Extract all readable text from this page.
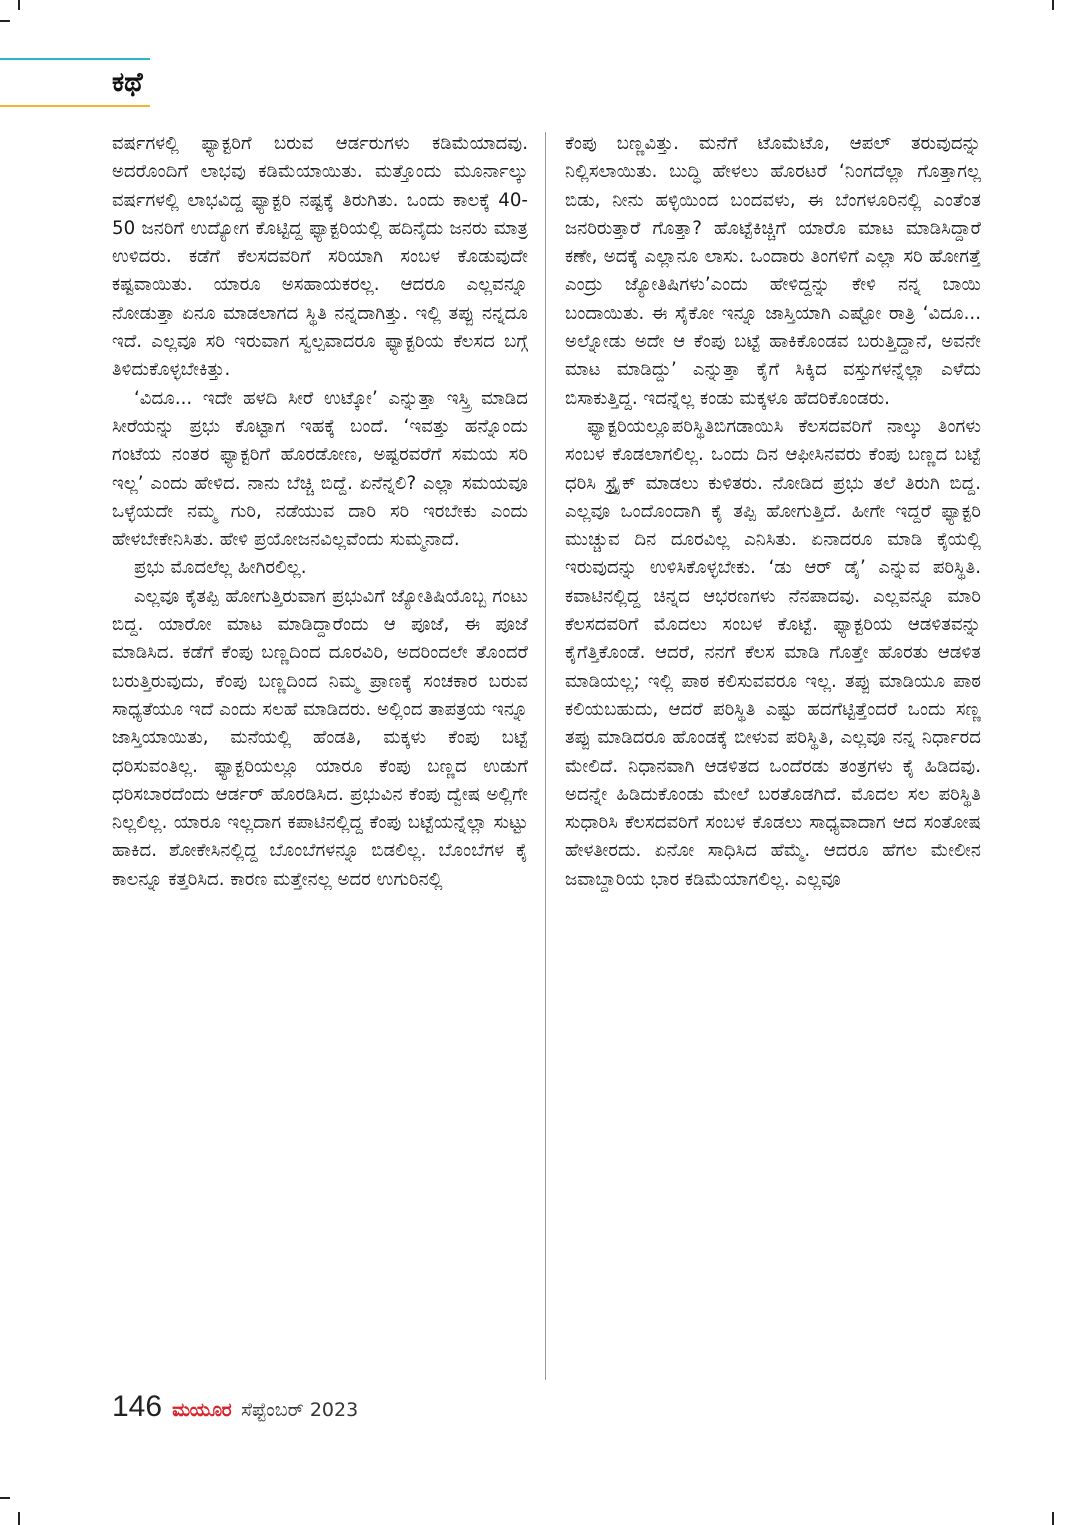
ಕಥೆ

ವರ್ಷಗಳಲ್ಲಿ ಫ್ಯಾಕ್ಟರಿಗೆ ಬರುವ ಆರ್ಡರುಗಳು ಕಡಿಮೆಯಾದವು. ಅದರೊಂದಿಗೆ ಲಾಭವು ಕಡಿಮೆಯಾಯಿತು. ಮತ್ತೊಂದು ಮೂರ್ನಾಲ್ಕು ವರ್ಷಗಳಲ್ಲಿ ಲಾಭವಿದ್ದ ಫ್ಯಾಕ್ಟರಿ ನಷ್ಟಕ್ಕೆ ತಿರುಗಿತು. ಒಂದು ಕಾಲಕ್ಕೆ 40-50 ಜನರಿಗೆ ಉದ್ಯೋಗ ಕೊಟ್ಟಿದ್ದ ಫ್ಯಾಕ್ಟರಿಯಲ್ಲಿ ಹದಿನೈದು ಜನರು ಮಾತ್ರ ಉಳಿದರು. ಕಡೆಗೆ ಕೆಲಸದವರಿಗೆ ಸರಿಯಾಗಿ ಸಂಬಳ ಕೊಡುವುದೇ ಕಷ್ಟವಾಯಿತು. ಯಾರೂ ಅಸಹಾಯಕರಲ್ಲ. ಆದರೂ ಎಲ್ಲವನ್ನೂ ನೋಡುತ್ತಾ ಏನೂ ಮಾಡಲಾಗದ ಸ್ಥಿತಿ ನನ್ನದಾಗಿತ್ತು. ಇಲ್ಲಿ ತಪ್ಪು ನನ್ನದೂ ಇದೆ. ಎಲ್ಲವೂ ಸರಿ ಇರುವಾಗ ಸ್ವಲ್ಪವಾದರೂ ಫ್ಯಾಕ್ಟರಿಯ ಕೆಲಸದ ಬಗ್ಗೆ ತಿಳಿದುಕೊಳ್ಳಬೇಕಿತ್ತು.

‘ವಿದೂ... ಇದೇ ಹಳದಿ ಸೀರೆ ಉಟ್ಕೋ’ ಎನ್ನುತ್ತಾ ಇಸ್ತ್ರಿ ಮಾಡಿದ ಸೀರೆಯನ್ನು ಪ್ರಭು ಕೊಟ್ಟಾಗ ಇಹಕ್ಕೆ ಬಂದೆ. ‘ಇವತ್ತು ಹನ್ನೊಂದು ಗಂಟೆಯ ನಂತರ ಫ್ಯಾಕ್ಟರಿಗೆ ಹೊರಡೋಣ, ಅಷ್ಟರವರೆಗೆ ಸಮಯ ಸರಿ ಇಲ್ಲ’ ಎಂದು ಹೇಳಿದ. ನಾನು ಬೆಚ್ಚಿ ಬಿದ್ದೆ. ಏನೆನ್ನಲಿ? ಎಲ್ಲಾ ಸಮಯವೂ ಒಳ್ಳೆಯದೇ ನಮ್ಮ ಗುರಿ, ನಡೆಯುವ ದಾರಿ ಸರಿ ಇರಬೇಕು ಎಂದು ಹೇಳಬೇಕೇನಿಸಿತು. ಹೇಳಿ ಪ್ರಯೋಜನವಿಲ್ಲವೆಂದು ಸುಮ್ಮನಾದೆ.

ಪ್ರಭು ಮೊದಲೆಲ್ಲ ಹೀಗಿರಲಿಲ್ಲ.

ಎಲ್ಲವೂ ಕೈತಪ್ಪಿ ಹೋಗುತ್ತಿರುವಾಗ ಪ್ರಭುವಿಗೆ ಜ್ಯೋತಿಷಿಯೊಬ್ಬ ಗಂಟು ಬಿದ್ದ. ಯಾರೋ ಮಾಟ ಮಾಡಿದ್ದಾರೆಂದು ಆ ಪೂಜೆ, ಈ ಪೂಜೆ ಮಾಡಿಸಿದ. ಕಡೆಗೆ ಕೆಂಪು ಬಣ್ಣದಿಂದ ದೂರವಿರಿ, ಅದರಿಂದಲೇ ತೊಂದರೆ ಬರುತ್ತಿರುವುದು, ಕೆಂಪು ಬಣ್ಣದಿಂದ ನಿಮ್ಮ ಪ್ರಾಣಕ್ಕೆ ಸಂಚಕಾರ ಬರುವ ಸಾಧ್ಯತೆಯೂ ಇದೆ ಎಂದು ಸಲಹೆ ಮಾಡಿದರು. ಅಲ್ಲಿಂದ ತಾಪತ್ರಯ ಇನ್ನೂ ಜಾಸ್ತಿಯಾಯಿತು, ಮನೆಯಲ್ಲಿ ಹೆಂಡತಿ, ಮಕ್ಕಳು ಕೆಂಪು ಬಟ್ಟೆ ಧರಿಸುವಂತಿಲ್ಲ. ಫ್ಯಾಕ್ಟರಿಯಲ್ಲೂ ಯಾರೂ ಕೆಂಪು ಬಣ್ಣದ ಉಡುಗೆ ಧರಿಸಬಾರದೆಂದು ಆರ್ಡರ್ ಹೊರಡಿಸಿದ. ಪ್ರಭುವಿನ ಕೆಂಪು ದ್ವೇಷ ಅಲ್ಲಿಗೇ ನಿಲ್ಲಲಿಲ್ಲ. ಯಾರೂ ಇಲ್ಲದಾಗ ಕಪಾಟಿನಲ್ಲಿದ್ದ ಕೆಂಪು ಬಟ್ಟೆಯನ್ನೆಲ್ಲಾ ಸುಟ್ಟು ಹಾಕಿದ. ಶೋಕೇಸಿನಲ್ಲಿದ್ದ ಬೊಂಬೆಗಳನ್ನೂ ಬಿಡಲಿಲ್ಲ. ಬೊಂಬೆಗಳ ಕೈ ಕಾಲನ್ನೂ ಕತ್ತರಿಸಿದ. ಕಾರಣ ಮತ್ತೇನಲ್ಲ ಅದರ ಉಗುರಿನಲ್ಲಿ

ಕೆಂಪು ಬಣ್ಣವಿತ್ತು. ಮನೆಗೆ ಟೊಮೆಟೊ, ಆಪಲ್ ತರುವುದನ್ನು ನಿಲ್ಲಿಸಲಾಯಿತು. ಬುದ್ಧಿ ಹೇಳಲು ಹೊರಟರೆ ‘ನಿಂಗದೆಲ್ಲಾ ಗೊತ್ತಾಗಲ್ಲ ಬಿಡು, ನೀನು ಹಳ್ಳಿಯಿಂದ ಬಂದವಳು, ಈ ಬೆಂಗಳೂರಿನಲ್ಲಿ ಎಂತೆಂತ ಜನರಿರುತ್ತಾರೆ ಗೊತ್ತಾ? ಹೊಟ್ಟೆಕಿಚ್ಚಿಗೆ ಯಾರೊ ಮಾಟ ಮಾಡಿಸಿದ್ದಾರೆ ಕಣೇ, ಅದಕ್ಕೆ ಎಲ್ಲಾನೂ ಲಾಸು. ಒಂದಾರು ತಿಂಗಳಿಗೆ ಎಲ್ಲಾ ಸರಿ ಹೋಗತ್ತೆ ಎಂದ್ರು ಜ್ಯೋತಿಷಿಗಳು’ಎಂದು ಹೇಳಿದ್ದನ್ನು ಕೇಳಿ ನನ್ನ ಬಾಯಿ ಬಂದಾಯಿತು. ಈ ಸೈಕೋ ಇನ್ನೂ ಜಾಸ್ತಿಯಾಗಿ ಎಷ್ಟೋ ರಾತ್ರಿ ‘ವಿದೂ... ಅಲ್ನೋಡು ಅದೇ ಆ ಕೆಂಪು ಬಟ್ಟೆ ಹಾಕಿಕೊಂಡವ ಬರುತ್ತಿದ್ದಾನೆ, ಅವನೇ ಮಾಟ ಮಾಡಿದ್ದು’ ಎನ್ನುತ್ತಾ ಕೈಗೆ ಸಿಕ್ಕಿದ ವಸ್ತುಗಳನ್ನೆಲ್ಲಾ ಎಳೆದು ಬಿಸಾಕುತ್ತಿದ್ದ. ಇದನ್ನೆಲ್ಲ ಕಂಡು ಮಕ್ಕಳೂ ಹೆದರಿಕೊಂಡರು.

ಫ್ಯಾಕ್ಟರಿಯಲ್ಲೂಪರಿಸ್ಥಿತಿಬಿಗಡಾಯಿಸಿ ಕೆಲಸದವರಿಗೆ ನಾಲ್ಕು ತಿಂಗಳು ಸಂಬಳ ಕೊಡಲಾಗಲಿಲ್ಲ. ಒಂದು ದಿನ ಆಫೀಸಿನವರು ಕೆಂಪು ಬಣ್ಣದ ಬಟ್ಟೆ ಧರಿಸಿ ಸ್ಟ್ರೈಕ್ ಮಾಡಲು ಕುಳಿತರು. ನೋಡಿದ ಪ್ರಭು ತಲೆ ತಿರುಗಿ ಬಿದ್ದ. ಎಲ್ಲವೂ ಒಂದೊಂದಾಗಿ ಕೈ ತಪ್ಪಿ ಹೋಗುತ್ತಿದೆ. ಹೀಗೇ ಇದ್ದರೆ ಫ್ಯಾಕ್ಟರಿ ಮುಚ್ಚುವ ದಿನ ದೂರವಿಲ್ಲ ಎನಿಸಿತು. ಏನಾದರೂ ಮಾಡಿ ಕೈಯಲ್ಲಿ ಇರುವುದನ್ನು ಉಳಿಸಿಕೊಳ್ಳಬೇಕು. ‘ಡು ಆರ್ ಡೈ’ ಎನ್ನುವ ಪರಿಸ್ಥಿತಿ. ಕವಾಟಿನಲ್ಲಿದ್ದ ಚಿನ್ನದ ಆಭರಣಗಳು ನೆನಪಾದವು. ಎಲ್ಲವನ್ನೂ ಮಾರಿ ಕೆಲಸದವರಿಗೆ ಮೊದಲು ಸಂಬಳ ಕೊಟ್ಟೆ. ಫ್ಯಾಕ್ಟರಿಯ ಆಡಳಿತವನ್ನು ಕೈಗೆತ್ತಿಕೊಂಡೆ. ಆದರೆ, ನನಗೆ ಕೆಲಸ ಮಾಡಿ ಗೊತ್ತೇ ಹೊರತು ಆಡಳಿತ ಮಾಡಿಯಲ್ಲ; ಇಲ್ಲಿ ಪಾಠ ಕಲಿಸುವವರೂ ಇಲ್ಲ. ತಪ್ಪು ಮಾಡಿಯೂ ಪಾಠ ಕಲಿಯಬಹುದು, ಆದರೆ ಪರಿಸ್ಥಿತಿ ಎಷ್ಟು ಹದಗೆಟ್ಟಿತ್ತೆಂದರೆ ಒಂದು ಸಣ್ಣ ತಪ್ಪು ಮಾಡಿದರೂ ಹೊಂಡಕ್ಕೆ ಬೀಳುವ ಪರಿಸ್ಥಿತಿ, ಎಲ್ಲವೂ ನನ್ನ ನಿರ್ಧಾರದ ಮೇಲಿದೆ. ನಿಧಾನವಾಗಿ ಆಡಳಿತದ ಒಂದೆರಡು ತಂತ್ರಗಳು ಕೈ ಹಿಡಿದವು. ಅದನ್ನೇ ಹಿಡಿದುಕೊಂಡು ಮೇಲೆ ಬರತೊಡಗಿದೆ. ಮೊದಲ ಸಲ ಪರಿಸ್ಥಿತಿ ಸುಧಾರಿಸಿ ಕೆಲಸದವರಿಗೆ ಸಂಬಳ ಕೊಡಲು ಸಾಧ್ಯವಾದಾಗ ಆದ ಸಂತೋಷ ಹೇಳತೀರದು. ಏನೋ ಸಾಧಿಸಿದ ಹೆಮ್ಮೆ. ಆದರೂ ಹೆಗಲ ಮೇಲೀನ ಜವಾಬ್ದಾರಿಯ ಭಾರ ಕಡಿಮೆಯಾಗಲಿಲ್ಲ. ಎಲ್ಲವೂ

146 ಮಯೂರ ಸೆಪ್ಟೆಂಬರ್ 2023
